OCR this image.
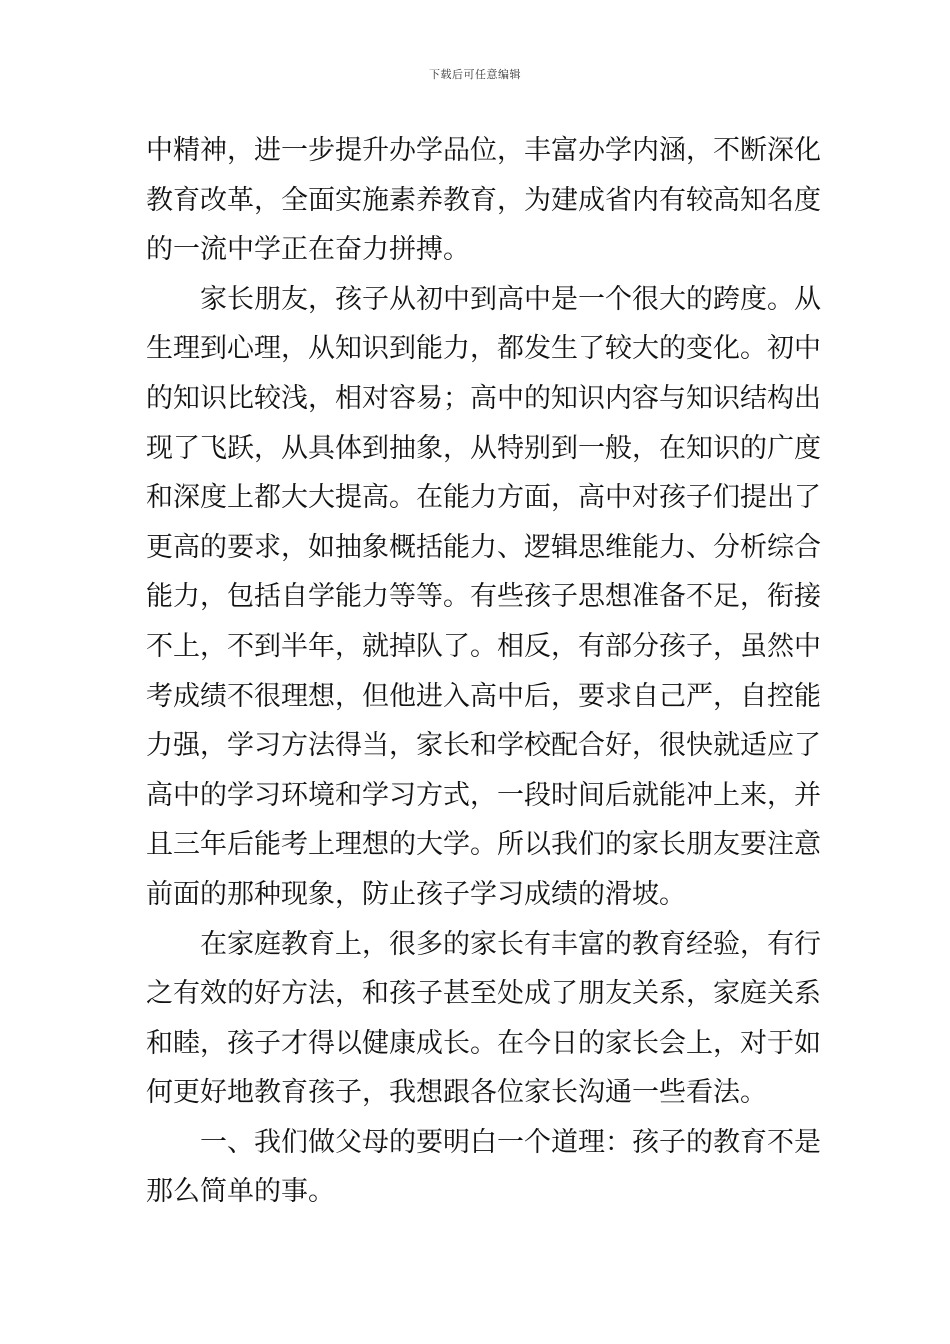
下载后可任意编辑
中精神，进一步提升办学品位，丰富办学内涵，不断深化
教育改革，全面实施素养教育，为建成省内有较高知名度
的一流中学正在奋力拼搏。
家长朋友，孩子从初中到高中是一个很大的跨度。从
生理到心理，从知识到能力，都发生了较大的变化。初中
的知识比较浅，相对容易；高中的知识内容与知识结构出
现了飞跃，从具体到抽象，从特别到一般，在知识的广度
和深度上都大大提高。在能力方面，高中对孩子们提出了
更高的要求，如抽象概括能力、逻辑思维能力、分析综合
能力，包括自学能力等等。有些孩子思想准备不足，衔接
不上，不到半年，就掉队了。相反，有部分孩子，虽然中
考成绩不很理想，但他进入高中后，要求自己严，自控能
力强，学习方法得当，家长和学校配合好，很快就适应了
高中的学习环境和学习方式，一段时间后就能冲上来，并
且三年后能考上理想的大学。所以我们的家长朋友要注意
前面的那种现象，防止孩子学习成绩的滑坡。
在家庭教育上，很多的家长有丰富的教育经验，有行
之有效的好方法，和孩子甚至处成了朋友关系，家庭关系
和睦，孩子才得以健康成长。在今日的家长会上，对于如
何更好地教育孩子，我想跟各位家长沟通一些看法。
一、我们做父母的要明白一个道理：孩子的教育不是
那么简单的事。
